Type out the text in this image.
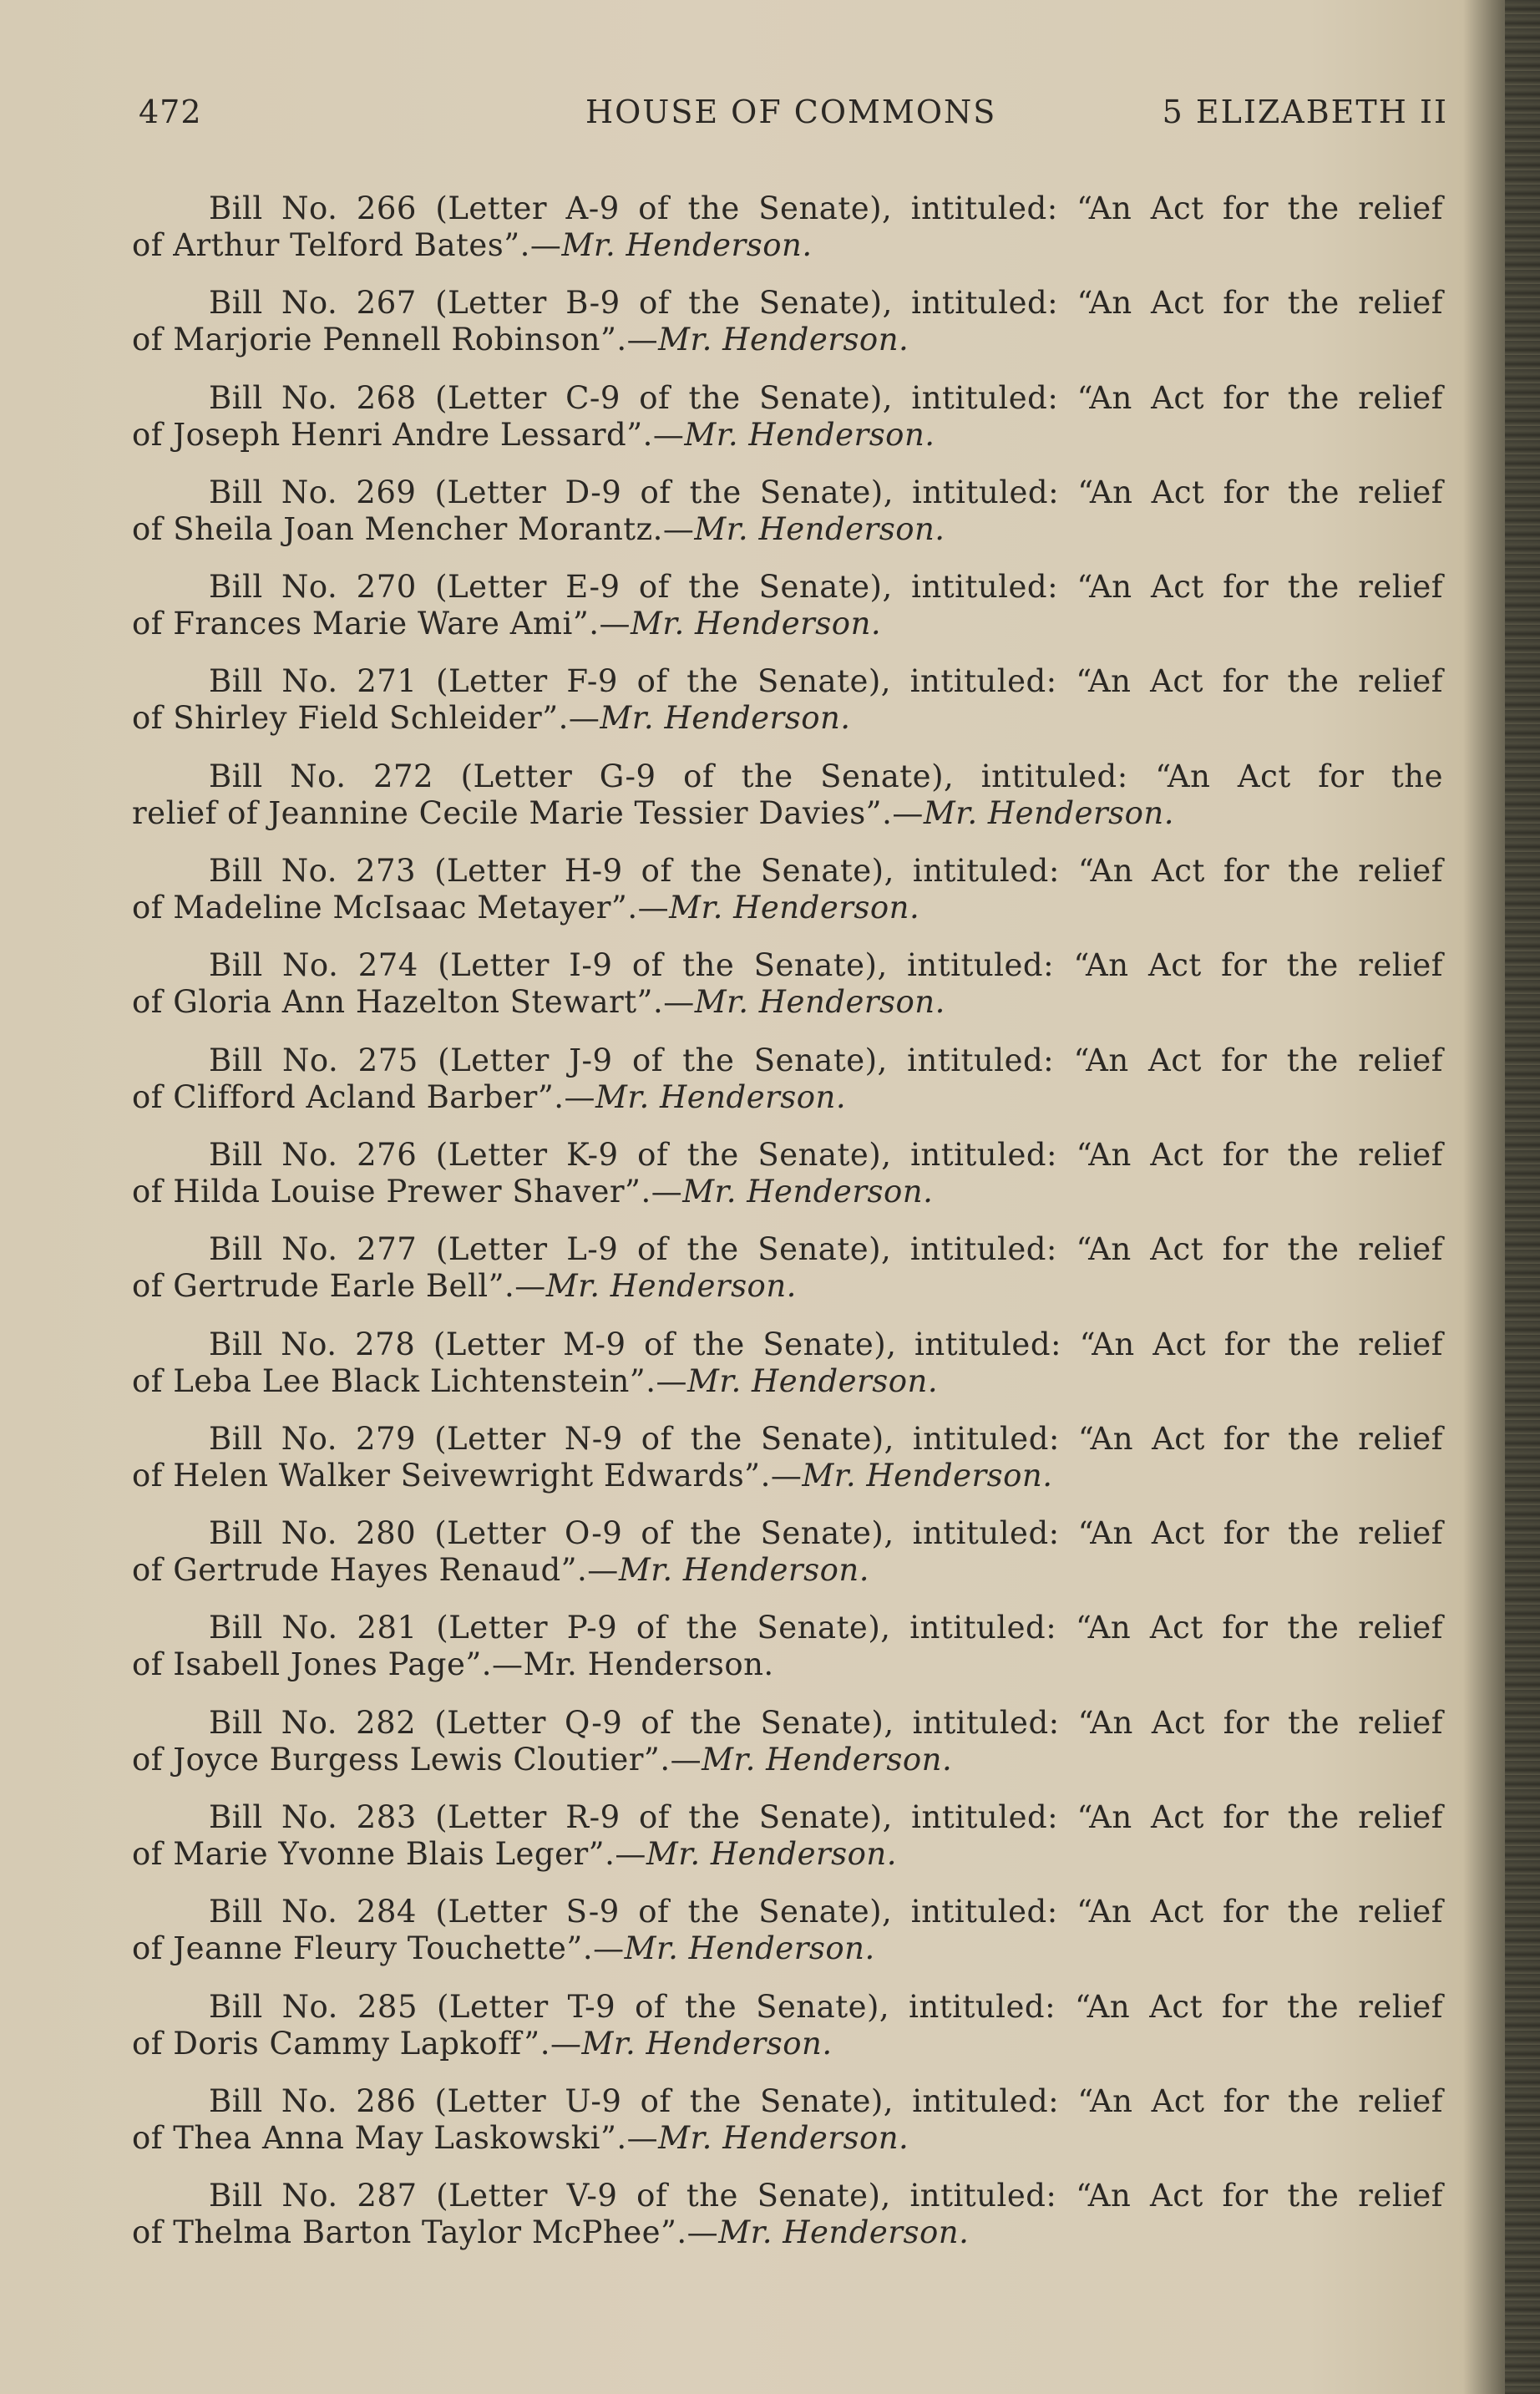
472	HOUSE OF COMMONS	5 ELIZABETH II
Bill No. 266 (Letter A-9 of the Senate), intituled: “An Act for the relief
of Arthur Telford Bates”.—Mr. Henderson.
Bill No. 267 (Letter B-9 of the Senate), intituled: “An Act for the relief
of Marjorie Pennell Robinson”.—Mr. Henderson.
Bill No. 268 (Letter C-9 of the Senate), intituled: “An Act for the relief
of Joseph Henri Andre Lessard”.—Mr. Henderson.
Bill No. 269 (Letter D-9 of the Senate), intituled: “An Act for the relief
of Sheila Joan Mencher Morantz.—Mr. Henderson.
Bill No. 270 (Letter E-9 of the Senate), intituled: “An Act for the relief
of Frances Marie Ware Ami”.—Mr. Henderson.
Bill No. 271 (Letter F-9 of the Senate), intituled: “An Act for the relief
of Shirley Field Schleider”.—Mr. Henderson.
Bill No. 272 (Letter G-9 of the Senate), intituled: “An Act for the
relief of Jeannine Cecile Marie Tessier Davies”.—Mr. Henderson.
Bill No. 273 (Letter H-9 of the Senate), intituled: “An Act for the relief
of Madeline McIsaac Metayer”.—Mr. Henderson.
Bill No. 274 (Letter I-9 of the Senate), intituled: “An Act for the relief
of Gloria Ann Hazelton Stewart”.—Mr. Henderson.
Bill No. 275 (Letter J-9 of the Senate), intituled: “An Act for the relief
of Clifford Acland Barber”.—Mr. Henderson.
Bill No. 276 (Letter K-9 of the Senate), intituled: “An Act for the relief
of Hilda Louise Prewer Shaver”.—Mr. Henderson.
Bill No. 277 (Letter L-9 of the Senate), intituled: “An Act for the relief
of Gertrude Earle Bell”.—Mr. Henderson.
Bill No. 278 (Letter M-9 of the Senate), intituled: “An Act for the relief
of Leba Lee Black Lichtenstein”.—Mr. Henderson.
Bill No. 279 (Letter N-9 of the Senate), intituled: “An Act for the relief
of Helen Walker Seivewright Edwards”.—Mr. Henderson.
Bill No. 280 (Letter O-9 of the Senate), intituled: “An Act for the relief
of Gertrude Hayes Renaud”.—Mr. Henderson.
Bill No. 281 (Letter P-9 of the Senate), intituled: “An Act for the relief
of Isabell Jones Page”.—Mr. Henderson.
Bill No. 282 (Letter Q-9 of the Senate), intituled: “An Act for the relief
of Joyce Burgess Lewis Cloutier”.—Mr. Henderson.
Bill No. 283 (Letter R-9 of the Senate), intituled: “An Act for the relief
of Marie Yvonne Blais Leger”.—Mr. Henderson.
Bill No. 284 (Letter S-9 of the Senate), intituled: “An Act for the relief
of Jeanne Fleury Touchette”.—Mr. Henderson.
Bill No. 285 (Letter T-9 of the Senate), intituled: “An Act for the relief
of Doris Cammy Lapkoff”.—Mr. Henderson.
Bill No. 286 (Letter U-9 of the Senate), intituled: “An Act for the relief
of Thea Anna May Laskowski”.—Mr. Henderson.
Bill No. 287 (Letter V-9 of the Senate), intituled: “An Act for the relief
of Thelma Barton Taylor McPhee”.—Mr. Henderson.
